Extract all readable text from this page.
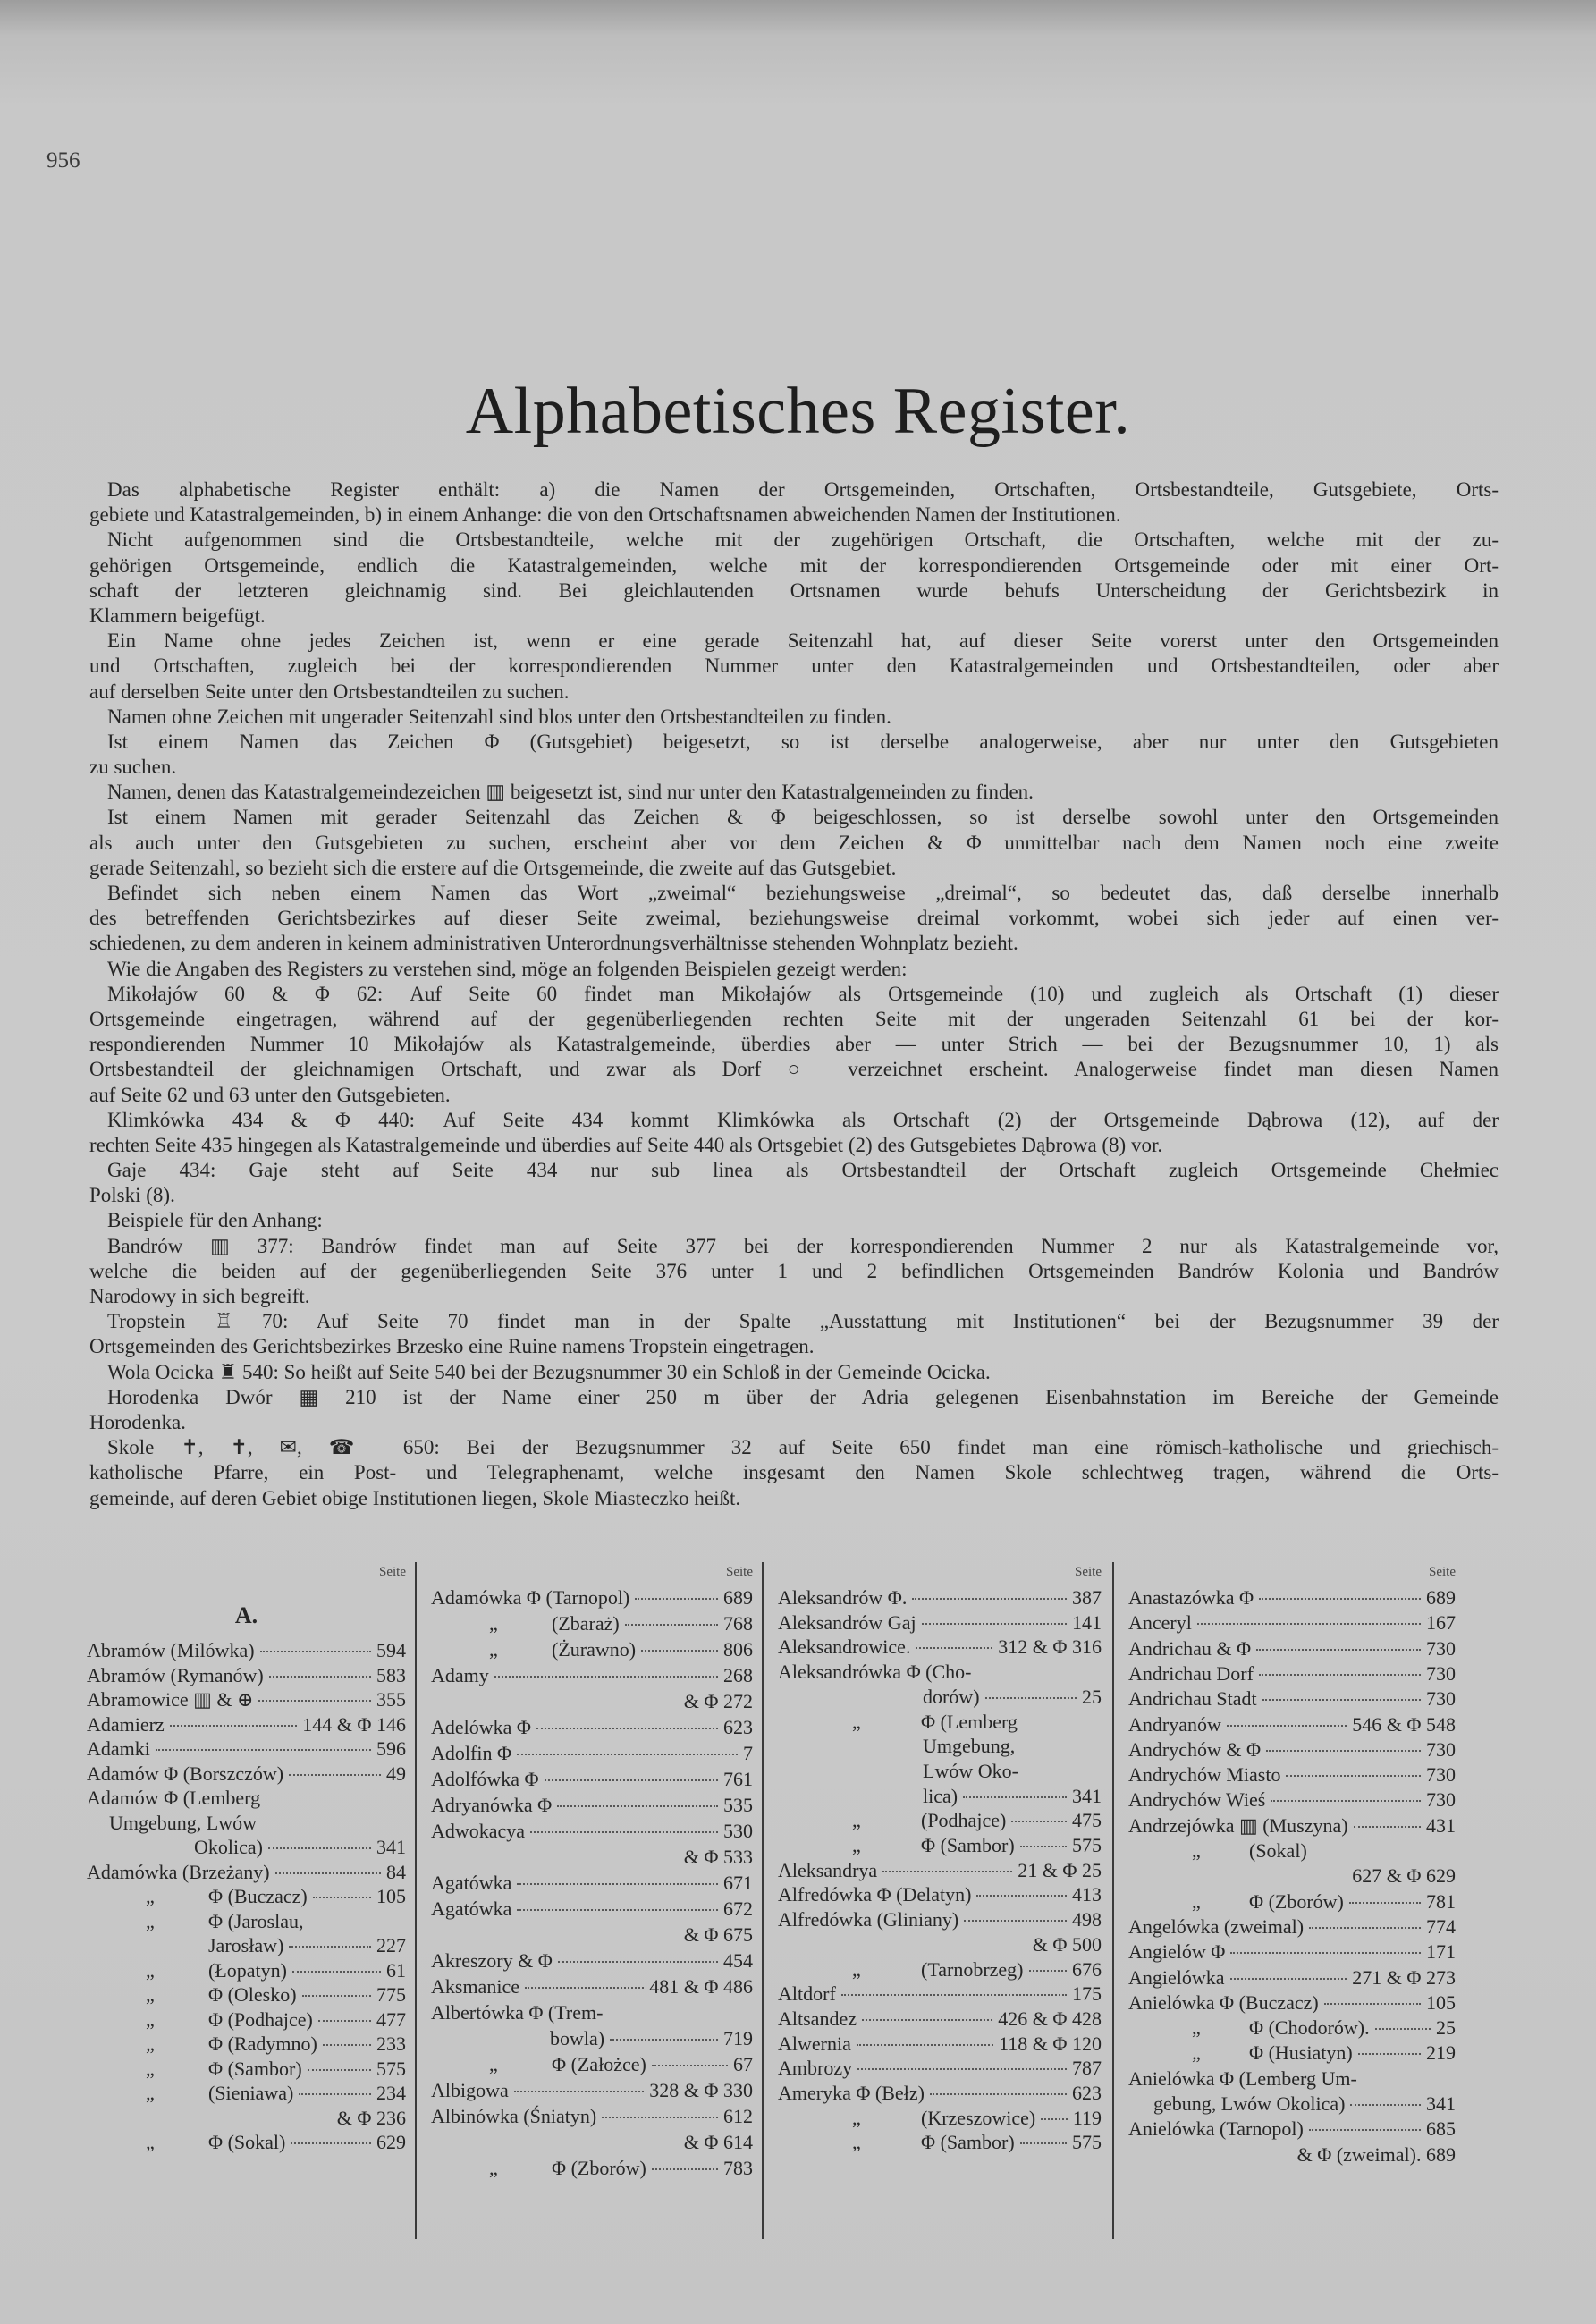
956
Alphabetisches Register.
Das alphabetische Register enthält: a) die Namen der Ortsgemeinden, Ortschaften, Ortsbestandteile, Gutsgebiete, Orts-
gebiete und Katastralgemeinden, b) in einem Anhange: die von den Ortschaftsnamen abweichenden Namen der Institutionen.
Nicht aufgenommen sind die Ortsbestandteile, welche mit der zugehörigen Ortschaft, die Ortschaften, welche mit der zu-
gehörigen Ortsgemeinde, endlich die Katastralgemeinden, welche mit der korrespondierenden Ortsgemeinde oder mit einer Ort-
schaft der letzteren gleichnamig sind. Bei gleichlautenden Ortsnamen wurde behufs Unterscheidung der Gerichtsbezirk in
Klammern beigefügt.
Ein Name ohne jedes Zeichen ist, wenn er eine gerade Seitenzahl hat, auf dieser Seite vorerst unter den Ortsgemeinden
und Ortschaften, zugleich bei der korrespondierenden Nummer unter den Katastralgemeinden und Ortsbestandteilen, oder aber
auf derselben Seite unter den Ortsbestandteilen zu suchen.
Namen ohne Zeichen mit ungerader Seitenzahl sind blos unter den Ortsbestandteilen zu finden.
Ist einem Namen das Zeichen Φ (Gutsgebiet) beigesetzt, so ist derselbe analogerweise, aber nur unter den Gutsgebieten
zu suchen.
Namen, denen das Katastralgemeindezeichen ▥ beigesetzt ist, sind nur unter den Katastralgemeinden zu finden.
Ist einem Namen mit gerader Seitenzahl das Zeichen & Φ beigeschlossen, so ist derselbe sowohl unter den Ortsgemeinden
als auch unter den Gutsgebieten zu suchen, erscheint aber vor dem Zeichen & Φ unmittelbar nach dem Namen noch eine zweite
gerade Seitenzahl, so bezieht sich die erstere auf die Ortsgemeinde, die zweite auf das Gutsgebiet.
Befindet sich neben einem Namen das Wort „zweimal“ beziehungsweise „dreimal“, so bedeutet das, daß derselbe innerhalb
des betreffenden Gerichtsbezirkes auf dieser Seite zweimal, beziehungsweise dreimal vorkommt, wobei sich jeder auf einen ver-
schiedenen, zu dem anderen in keinem administrativen Unterordnungsverhältnisse stehenden Wohnplatz bezieht.
Wie die Angaben des Registers zu verstehen sind, möge an folgenden Beispielen gezeigt werden:
Mikołajów 60 & Φ 62: Auf Seite 60 findet man Mikołajów als Ortsgemeinde (10) und zugleich als Ortschaft (1) dieser
Ortsgemeinde eingetragen, während auf der gegenüberliegenden rechten Seite mit der ungeraden Seitenzahl 61 bei der kor-
respondierenden Nummer 10 Mikołajów als Katastralgemeinde, überdies aber — unter Strich — bei der Bezugsnummer 10, 1) als
Ortsbestandteil der gleichnamigen Ortschaft, und zwar als Dorf ○ verzeichnet erscheint. Analogerweise findet man diesen Namen
auf Seite 62 und 63 unter den Gutsgebieten.
Klimkówka 434 & Φ 440: Auf Seite 434 kommt Klimkówka als Ortschaft (2) der Ortsgemeinde Dąbrowa (12), auf der
rechten Seite 435 hingegen als Katastralgemeinde und überdies auf Seite 440 als Ortsgebiet (2) des Gutsgebietes Dąbrowa (8) vor.
Gaje 434: Gaje steht auf Seite 434 nur sub linea als Ortsbestandteil der Ortschaft zugleich Ortsgemeinde Chełmiec
Polski (8).
Beispiele für den Anhang:
Bandrów ▥ 377: Bandrów findet man auf Seite 377 bei der korrespondierenden Nummer 2 nur als Katastralgemeinde vor,
welche die beiden auf der gegenüberliegenden Seite 376 unter 1 und 2 befindlichen Ortsgemeinden Bandrów Kolonia und Bandrów
Narodowy in sich begreift.
Tropstein ♖ 70: Auf Seite 70 findet man in der Spalte „Ausstattung mit Institutionen“ bei der Bezugsnummer 39 der
Ortsgemeinden des Gerichtsbezirkes Brzesko eine Ruine namens Tropstein eingetragen.
Wola Ocicka ♜ 540: So heißt auf Seite 540 bei der Bezugsnummer 30 ein Schloß in der Gemeinde Ocicka.
Horodenka Dwór ▦ 210 ist der Name einer 250 m über der Adria gelegenen Eisenbahnstation im Bereiche der Gemeinde
Horodenka.
Skole ✝, ✝, ✉, ☎ 650: Bei der Bezugsnummer 32 auf Seite 650 findet man eine römisch-katholische und griechisch-
katholische Pfarre, ein Post- und Telegraphenamt, welche insgesamt den Namen Skole schlechtweg tragen, während die Orts-
gemeinde, auf deren Gebiet obige Institutionen liegen, Skole Miasteczko heißt.
Seite
A.
Abramów (Milówka)	594
Abramów (Rymanów)	583
Abramowice ▥ & ⊕	355
Adamierz	144 & Φ 146
Adamki	596
Adamów Φ (Borszczów)	49
Adamów Φ (Lemberg
Umgebung, Lwów
Okolica)	341
Adamówka (Brzeżany)	84
„	Φ (Buczacz)	105
„	Φ (Jaroslau,
Jarosław)	227
„	(Łopatyn)	61
„	Φ (Olesko)	775
„	Φ (Podhajce)	477
„	Φ (Radymno)	233
„	Φ (Sambor)	575
„	(Sieniawa)	234
& Φ 236
„	Φ (Sokal)	629
Seite
Adamówka Φ (Tarnopol)	689
„	(Zbaraż)	768
„	(Żurawno)	806
Adamy	268
& Φ 272
Adelówka Φ	623
Adolfin Φ	7
Adolfówka Φ	761
Adryanówka Φ	535
Adwokacya	530
& Φ 533
Agatówka	671
Agatówka	672
& Φ 675
Akreszory & Φ	454
Aksmanice	481 & Φ 486
Albertówka Φ (Trem-
bowla)	719
„	Φ (Założce)	67
Albigowa	328 & Φ 330
Albinówka (Śniatyn)	612
& Φ 614
„	Φ (Zborów)	783
Seite
Aleksandrów Φ.	387
Aleksandrów Gaj	141
Aleksandrowice.	312 & Φ 316
Aleksandrówka Φ (Cho-
dorów)	25
„	Φ (Lemberg
Umgebung,
Lwów Oko-
lica)	341
„	(Podhajce)	475
„	Φ (Sambor)	575
Aleksandrya	21 & Φ 25
Alfredówka Φ (Delatyn)	413
Alfredówka (Gliniany)	498
& Φ 500
„	(Tarnobrzeg) 676
Altdorf	175
Altsandez	426 & Φ 428
Alwernia	118 & Φ 120
Ambrozy	787
Ameryka Φ (Bełz)	623
„	(Krzeszowice) 119
„	Φ (Sambor)	575
Seite
Anastazówka Φ	689
Anceryl	167
Andrichau & Φ	730
Andrichau Dorf	730
Andrichau Stadt	730
Andryanów	546 & Φ 548
Andrychów & Φ	730
Andrychów Miasto	730
Andrychów Wieś	730
Andrzejówka ▥ (Muszyna)	431
„	(Sokal)
627 & Φ 629
„	Φ (Zborów)	781
Angelówka (zweimal)	774
Angielów Φ	171
Angielówka	271 & Φ 273
Anielówka Φ (Buczacz)	105
„	Φ (Chodorów).	25
„	Φ (Husiatyn)	219
Anielówka Φ (Lemberg Um-
gebung, Lwów Okolica)	341
Anielówka (Tarnopol)	685
& Φ (zweimal). 689
